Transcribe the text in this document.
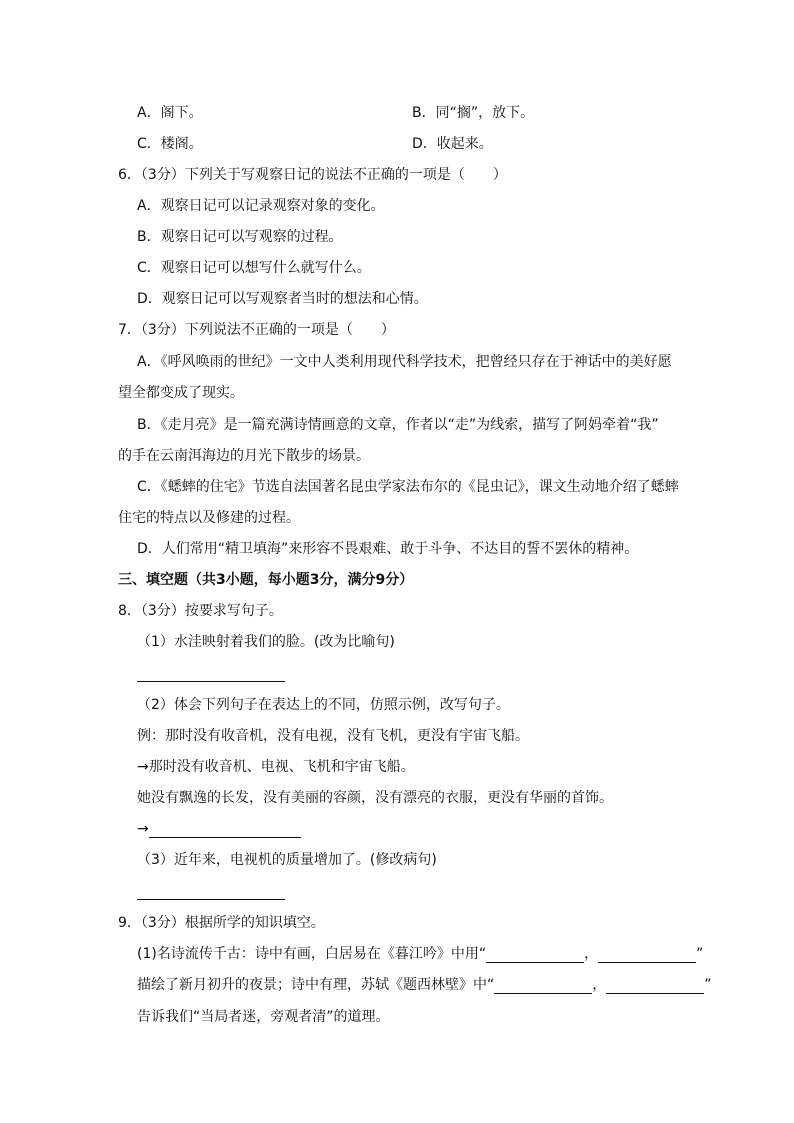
A．阁下。	B．同“搁”，放下。
C．楼阁。	D．收起来。
6．（3分）下列关于写观察日记的说法不正确的一项是（　　）
A．观察日记可以记录观察对象的变化。
B．观察日记可以写观察的过程。
C．观察日记可以想写什么就写什么。
D．观察日记可以写观察者当时的想法和心情。
7．（3分）下列说法不正确的一项是（　　）
A．《呼风唤雨的世纪》一文中人类利用现代科学技术，把曾经只存在于神话中的美好愿
望全都变成了现实。
B．《走月亮》是一篇充满诗情画意的文章，作者以“走”为线索，描写了阿妈牵着“我”
的手在云南洱海边的月光下散步的场景。
C．《蟋蟀的住宅》节选自法国著名昆虫学家法布尔的《昆虫记》，课文生动地介绍了蟋蟀
住宅的特点以及修建的过程。
D．人们常用“精卫填海”来形容不畏艰难、敢于斗争、不达目的誓不罢休的精神。
三、填空题（共3小题，每小题3分，满分9分）
8．（3分）按要求写句子。
（1）水洼映射着我们的脸。(改为比喻句)
（2）体会下列句子在表达上的不同，仿照示例，改写句子。
例：那时没有收音机，没有电视，没有飞机，更没有宇宙飞船。
→那时没有收音机、电视、飞机和宇宙飞船。
她没有飘逸的长发，没有美丽的容颜，没有漂亮的衣服，更没有华丽的首饰。
→
（3）近年来，电视机的质量增加了。(修改病句)
9．（3分）根据所学的知识填空。
(1)名诗流传千古：诗中有画，白居易在《暮江吟》中用“	，	”
描绘了新月初升的夜景；诗中有理，苏轼《题西林壁》中“	，	”
告诉我们“当局者迷，旁观者清”的道理。
